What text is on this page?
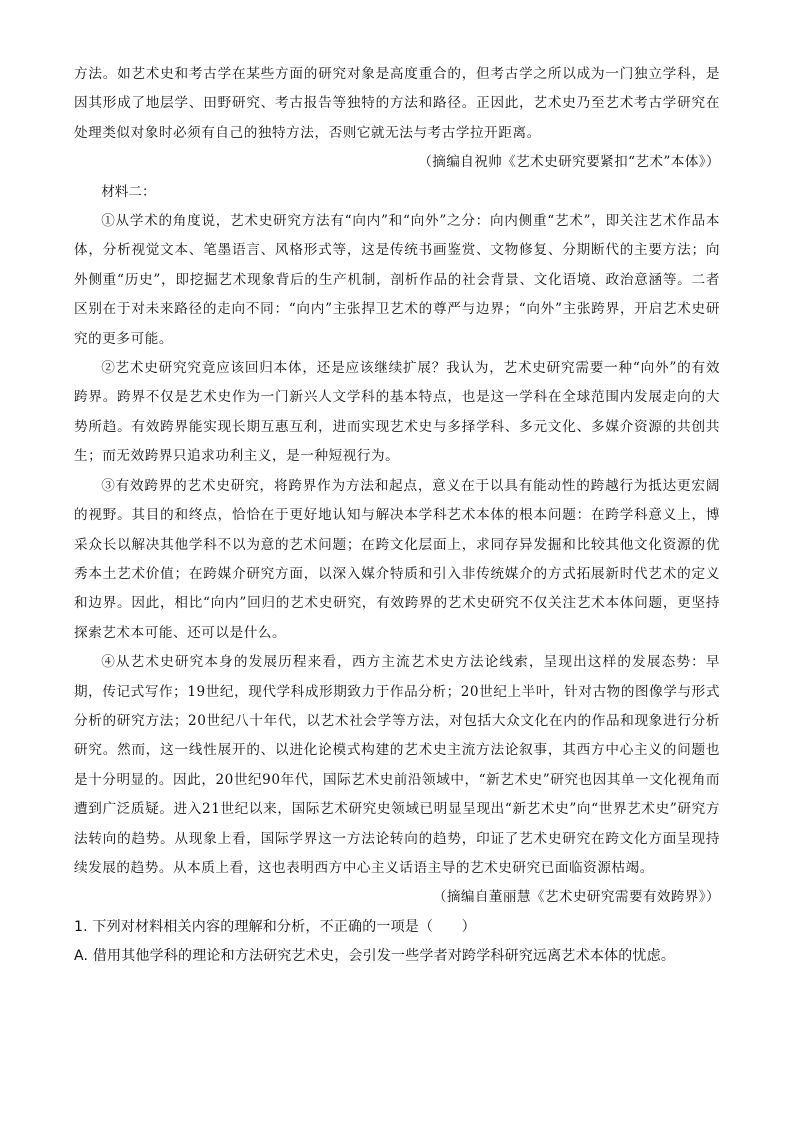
方法。如艺术史和考古学在某些方面的研究对象是高度重合的，但考古学之所以成为一门独立学科，是因其形成了地层学、田野研究、考古报告等独特的方法和路径。正因此，艺术史乃至艺术考古学研究在处理类似对象时必须有自己的独特方法，否则它就无法与考古学拉开距离。

（摘编自祝帅《艺术史研究要紧扣“艺术”本体》）

材料二：

①从学术的角度说，艺术史研究方法有“向内”和“向外”之分：向内侧重“艺术”，即关注艺术作品本体，分析视觉文本、笔墨语言、风格形式等，这是传统书画鉴赏、文物修复、分期断代的主要方法；向外侧重“历史”，即挖掘艺术现象背后的生产机制，剖析作品的社会背景、文化语境、政治意涵等。二者区别在于对未来路径的走向不同：“向内”主张捍卫艺术的尊严与边界；“向外”主张跨界，开启艺术史研究的更多可能。

②艺术史研究究竟应该回归本体，还是应该继续扩展？我认为，艺术史研究需要一种“向外”的有效跨界。跨界不仅是艺术史作为一门新兴人文学科的基本特点，也是这一学科在全球范围内发展走向的大势所趋。有效跨界能实现长期互惠互利，进而实现艺术史与多择学科、多元文化、多媒介资源的共创共生；而无效跨界只追求功利主义，是一种短视行为。

③有效跨界的艺术史研究，将跨界作为方法和起点，意义在于以具有能动性的跨越行为抵达更宏阔的视野。其目的和终点，恰恰在于更好地认知与解决本学科艺术本体的根本问题：在跨学科意义上，博采众长以解决其他学科不以为意的艺术问题；在跨文化层面上，求同存异发掘和比较其他文化资源的优秀本土艺术价值；在跨媒介研究方面，以深入媒介特质和引入非传统媒介的方式拓展新时代艺术的定义和边界。因此，相比“向内”回归的艺术史研究，有效跨界的艺术史研究不仅关注艺术本体问题，更坚持探索艺术本可能、还可以是什么。

④从艺术史研究本身的发展历程来看，西方主流艺术史方法论线索，呈现出这样的发展态势：早期，传记式写作；19世纪，现代学科成形期致力于作品分析；20世纪上半叶，针对古物的图像学与形式分析的研究方法；20世纪八十年代，以艺术社会学等方法，对包括大众文化在内的作品和现象进行分析研究。然而，这一线性展开的、以进化论模式构建的艺术史主流方法论叙事，其西方中心主义的问题也是十分明显的。因此，20世纪90年代，国际艺术史前沿领域中，“新艺术史”研究也因其单一文化视角而遭到广泛质疑。进入21世纪以来，国际艺术研究史领域已明显呈现出“新艺术史”向“世界艺术史”研究方法转向的趋势。从现象上看，国际学界这一方法论转向的趋势，印证了艺术史研究在跨文化方面呈现持续发展的趋势。从本质上看，这也表明西方中心主义话语主导的艺术史研究已面临资源枯竭。

（摘编自董丽慧《艺术史研究需要有效跨界》）

1. 下列对材料相关内容的理解和分析，不正确的一项是（　　）

A. 借用其他学科的理论和方法研究艺术史，会引发一些学者对跨学科研究远离艺术本体的忧虑。
